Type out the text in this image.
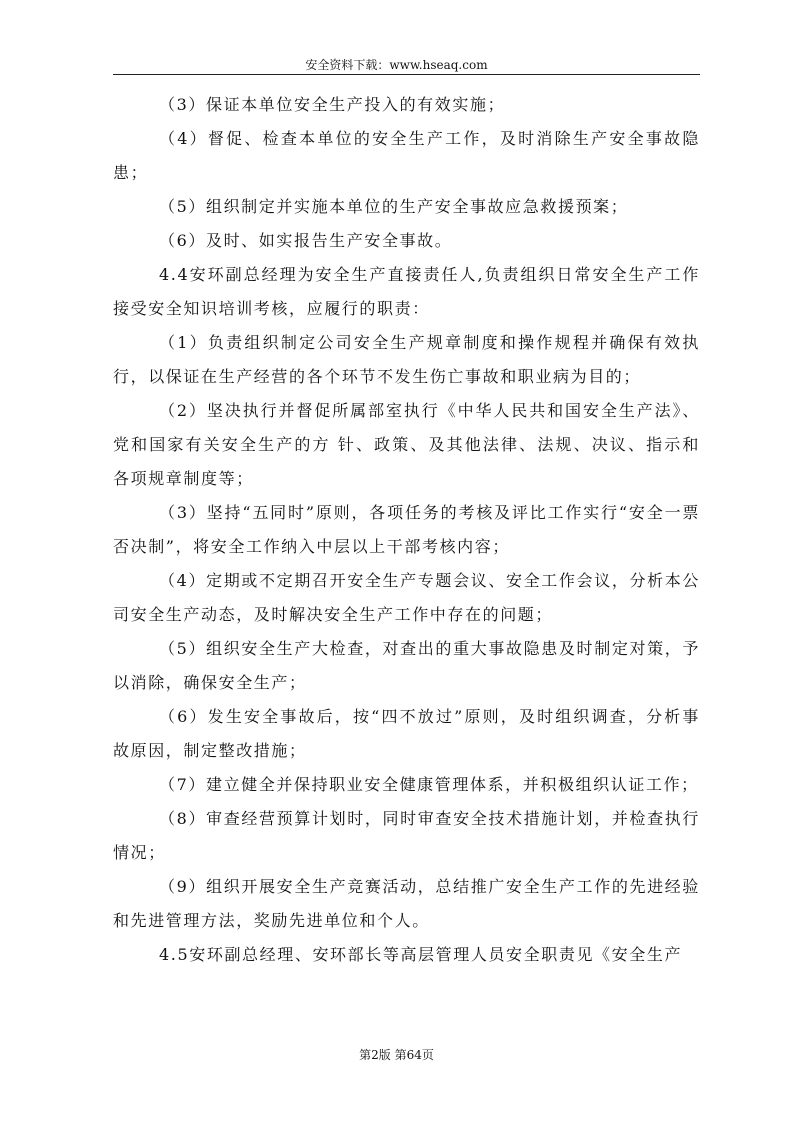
安全资料下载：www.hseaq.com

（3）保证本单位安全生产投入的有效实施；

（4）督促、检查本单位的安全生产工作，及时消除生产安全事故隐患；

（5）组织制定并实施本单位的生产安全事故应急救援预案；

（6）及时、如实报告生产安全事故。

4.4安环副总经理为安全生产直接责任人,负责组织日常安全生产工作接受安全知识培训考核，应履行的职责：

（1）负责组织制定公司安全生产规章制度和操作规程并确保有效执行，以保证在生产经营的各个环节不发生伤亡事故和职业病为目的；

（2）坚决执行并督促所属部室执行《中华人民共和国安全生产法》、党和国家有关安全生产的方 针、政策、及其他法律、法规、决议、指示和各项规章制度等；

（3）坚持“五同时”原则，各项任务的考核及评比工作实行“安全一票否决制”，将安全工作纳入中层以上干部考核内容；

（4）定期或不定期召开安全生产专题会议、安全工作会议，分析本公司安全生产动态，及时解决安全生产工作中存在的问题；

（5）组织安全生产大检查，对查出的重大事故隐患及时制定对策，予以消除，确保安全生产；

（6）发生安全事故后，按“四不放过”原则，及时组织调查，分析事故原因，制定整改措施；

（7）建立健全并保持职业安全健康管理体系，并积极组织认证工作；

（8）审查经营预算计划时，同时审查安全技术措施计划，并检查执行情况；

（9）组织开展安全生产竞赛活动，总结推广安全生产工作的先进经验和先进管理方法，奖励先进单位和个人。

4.5安环副总经理、安环部长等高层管理人员安全职责见《安全生产

第2版 第64页
